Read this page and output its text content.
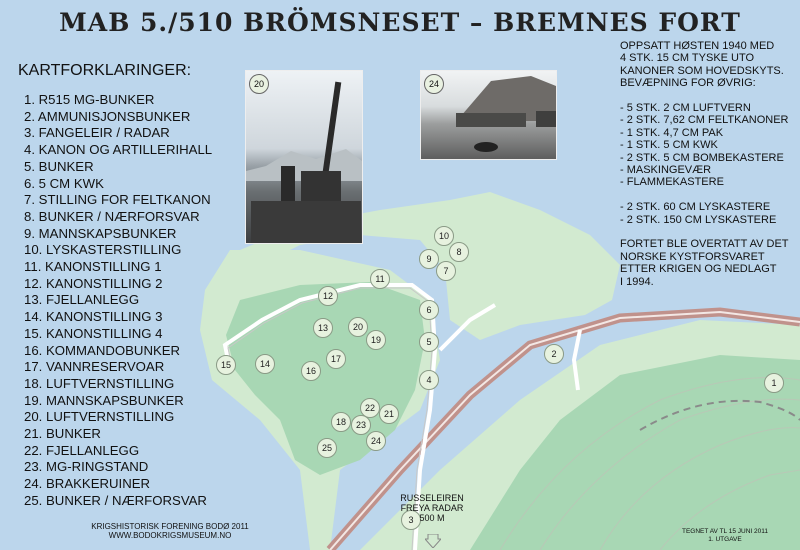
MAB 5./510 BRÖMSNESET – BREMNES FORT
KARTFORKLARINGER:
1. R515 MG-BUNKER
2. AMMUNISJONSBUNKER
3. FANGELEIR / RADAR
4. KANON OG ARTILLERIHALL
5. BUNKER
6. 5 CM KWK
7. STILLING FOR FELTKANON
8. BUNKER / NÆRFORSVAR
9. MANNSKAPSBUNKER
10. LYSKASTERSTILLING
11. KANONSTILLING 1
12. KANONSTILLING 2
13. FJELLANLEGG
14. KANONSTILLING 3
15. KANONSTILLING 4
16. KOMMANDOBUNKER
17. VANNRESERVOAR
18. LUFTVERNSTILLING
19. MANNSKAPSBUNKER
20. LUFTVERNSTILLING
21. BUNKER
22. FJELLANLEGG
23. MG-RINGSTAND
24. BRAKKERUINER
25. BUNKER / NÆRFORSVAR
OPPSATT HØSTEN 1940 MED
4 STK. 15 CM TYSKE UTO
KANONER SOM HOVEDSKYTS.
BEVÆPNING FOR ØVRIG:
- 5 STK. 2 CM LUFTVERN
- 2 STK. 7,62 CM FELTKANONER
- 1 STK. 4,7 CM PAK
- 1 STK. 5 CM KWK
- 2 STK. 5 CM BOMBEKASTERE
- MASKINGEVÆR
- FLAMMEKASTERE
- 2 STK. 60 CM LYSKASTERE
- 2 STK. 150 CM LYSKASTERE
FORTET BLE OVERTATT AV DET
NORSKE KYSTFORSVARET
ETTER KRIGEN OG NEDLAGT
I 1994.
20	24
1
2
3
4
5
6
7
8
9
10
11
12
13
14
15
16
17
18
19
20
21
22
23
24
25
RUSSELEIREN
FREYA RADAR
500 M
KRIGSHISTORISK FORENING BODØ 2011
WWW.BODOKRIGSMUSEUM.NO	TEGNET AV TL 15 JUNI 2011
1. UTGAVE
